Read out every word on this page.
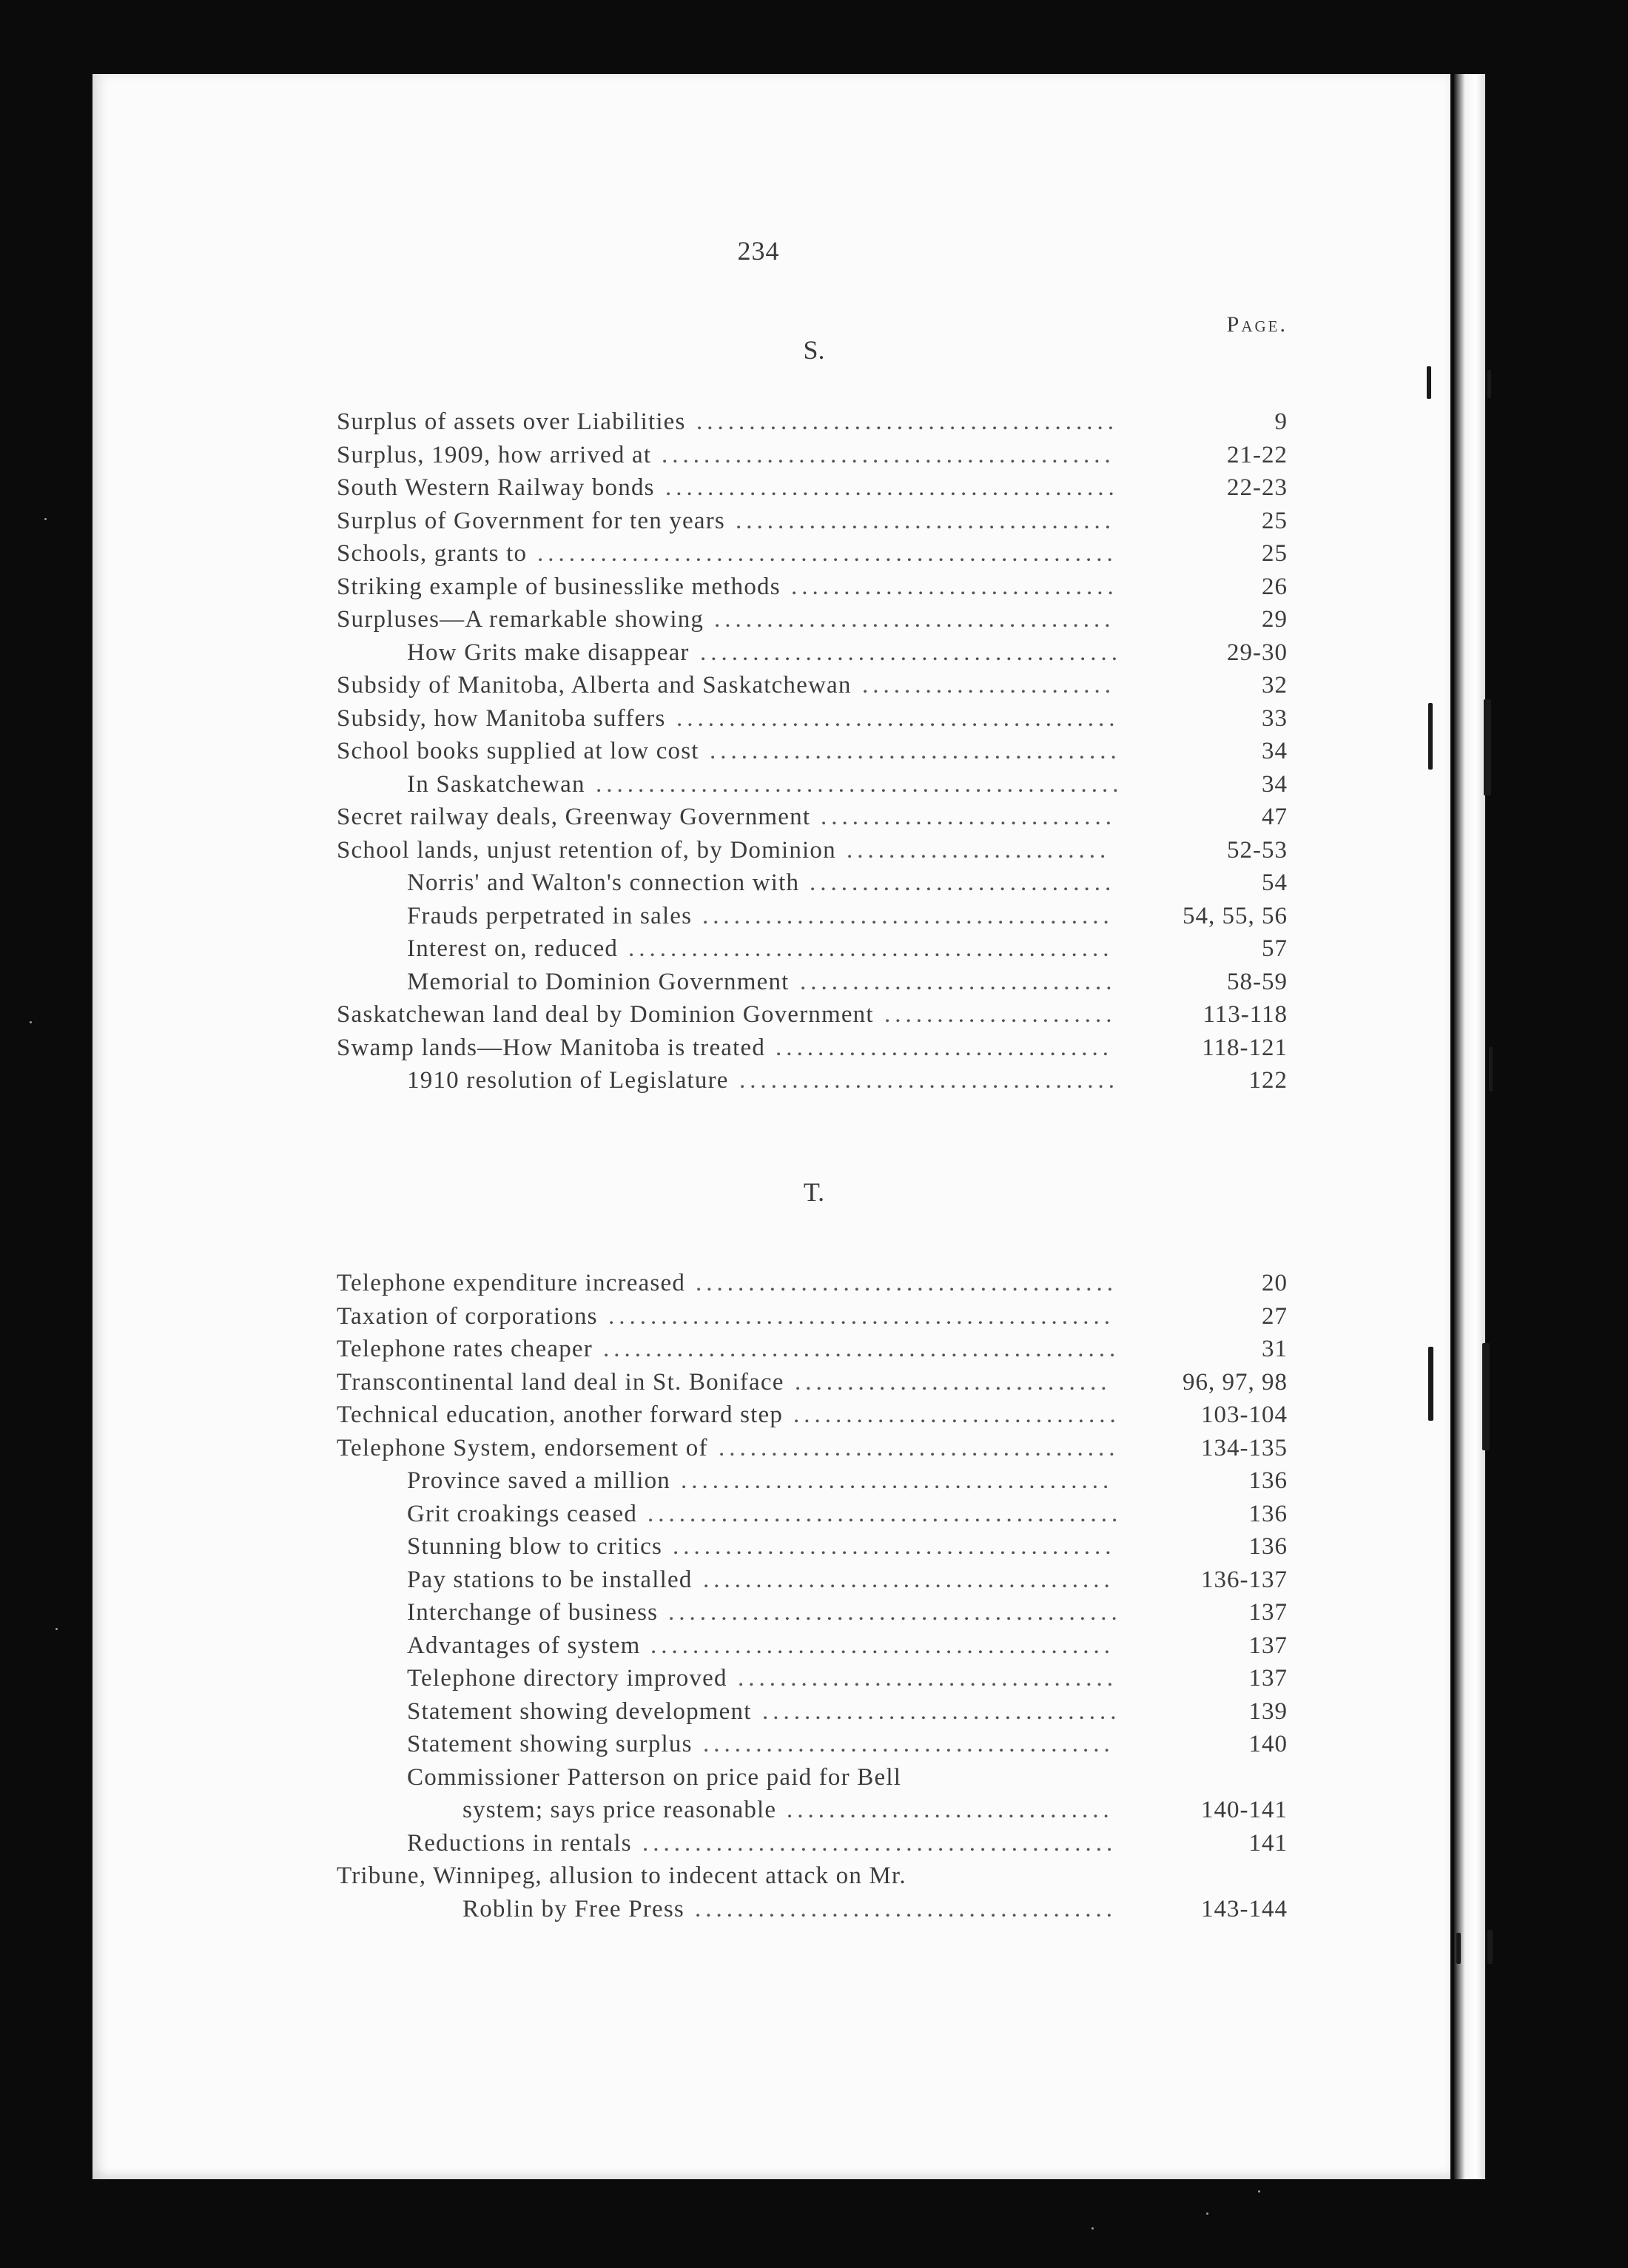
234
Page.
S.
Surplus of assets over Liabilities	9
........................................
Surplus, 1909, how arrived at	21-22
...........................................
South Western Railway bonds	22-23
...........................................
Surplus of Government for ten years	25
....................................
Schools, grants to	25
.......................................................
Striking example of businesslike methods	26
...............................
Surpluses—A remarkable showing	29
......................................
How Grits make disappear	29-30
........................................
Subsidy of Manitoba, Alberta and Saskatchewan	32
........................
Subsidy, how Manitoba suffers	33
..........................................
School books supplied at low cost	34
.......................................
In Saskatchewan	34
..................................................
Secret railway deals, Greenway Government	47
............................
School lands, unjust retention of, by Dominion	52-53
.........................
Norris' and Walton's connection with	54
.............................
Frauds perpetrated in sales	54, 55, 56
.......................................
Interest on, reduced	57
..............................................
Memorial to Dominion Government	58-59
..............................
Saskatchewan land deal by Dominion Government	113-118
......................
Swamp lands—How Manitoba is treated	118-121
................................
1910 resolution of Legislature	122
....................................
T.
Telephone expenditure increased	20
........................................
Taxation of corporations	27
................................................
Telephone rates cheaper	31
.................................................
Transcontinental land deal in St. Boniface	96, 97, 98
..............................
Technical education, another forward step	103-104
...............................
Telephone System, endorsement of	134-135
......................................
Province saved a million	136
.........................................
Grit croakings ceased	136
.............................................
Stunning blow to critics	136
..........................................
Pay stations to be installed	136-137
.......................................
Interchange of business	137
...........................................
Advantages of system	137
............................................
Telephone directory improved	137
....................................
Statement showing development	139
..................................
Statement showing surplus	140
.......................................
Commissioner Patterson on price paid for Bell
system; says price reasonable	140-141
...............................
Reductions in rentals	141
.............................................
Tribune, Winnipeg, allusion to indecent attack on Mr.
Roblin by Free Press	143-144
........................................
